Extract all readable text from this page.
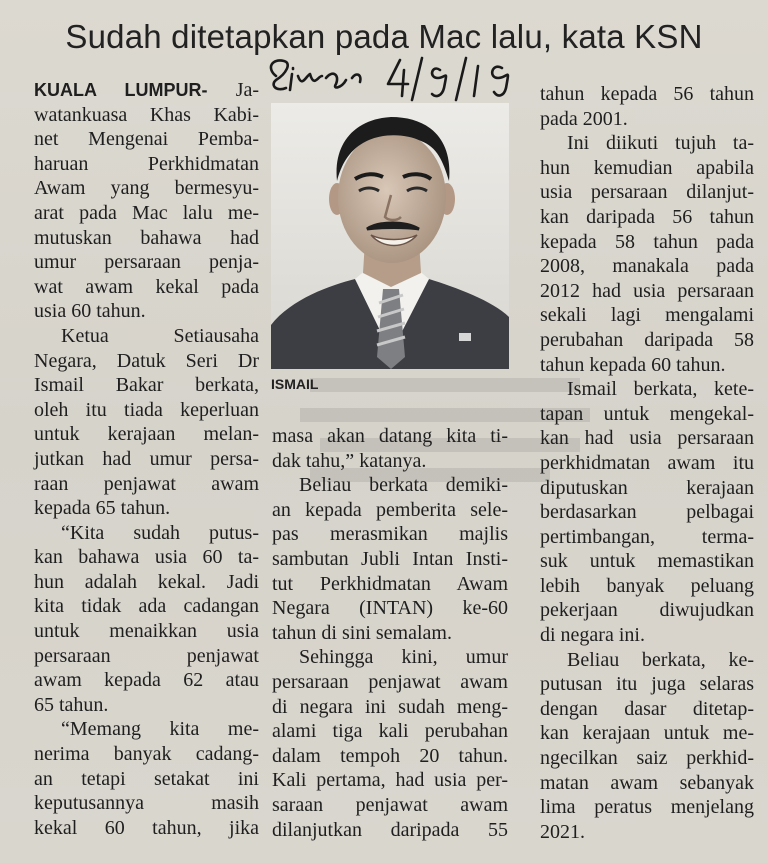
Sudah ditetapkan pada Mac lalu, kata KSN

KUALA LUMPUR- Ja-

watankuasa Khas Kabi-

net Mengenai Pemba-

haruan Perkhidmatan

Awam yang bermesyu-

arat pada Mac lalu me-

mutuskan bahawa had

umur persaraan penja-

wat awam kekal pada

usia 60 tahun.

Ketua Setiausaha

Negara, Datuk Seri Dr

Ismail Bakar berkata,

oleh itu tiada keperluan

untuk kerajaan melan-

jutkan had umur persa-

raan penjawat awam

kepada 65 tahun.

“Kita sudah putus-

kan bahawa usia 60 ta-

hun adalah kekal. Jadi

kita tidak ada cadangan

untuk menaikkan usia

persaraan penjawat

awam kepada 62 atau

65 tahun.

“Memang kita me-

nerima banyak cadang-

an tetapi setakat ini

keputusannya masih

kekal 60 tahun, jika

ISMAIL

masa akan datang kita ti-

dak tahu,” katanya.

Beliau berkata demiki-

an kepada pemberita sele-

pas merasmikan majlis

sambutan Jubli Intan Insti-

tut Perkhidmatan Awam

Negara (INTAN) ke-60

tahun di sini semalam.

Sehingga kini, umur

persaraan penjawat awam

di negara ini sudah meng-

alami tiga kali perubahan

dalam tempoh 20 tahun.

Kali pertama, had usia per-

saraan penjawat awam

dilanjutkan daripada 55

tahun kepada 56 tahun

pada 2001.

Ini diikuti tujuh ta-

hun kemudian apabila

usia persaraan dilanjut-

kan daripada 56 tahun

kepada 58 tahun pada

2008, manakala pada

2012 had usia persaraan

sekali lagi mengalami

perubahan daripada 58

tahun kepada 60 tahun.

Ismail berkata, kete-

tapan untuk mengekal-

kan had usia persaraan

perkhidmatan awam itu

diputuskan kerajaan

berdasarkan pelbagai

pertimbangan, terma-

suk untuk memastikan

lebih banyak peluang

pekerjaan diwujudkan

di negara ini.

Beliau berkata, ke-

putusan itu juga selaras

dengan dasar ditetap-

kan kerajaan untuk me-

ngecilkan saiz perkhid-

matan awam sebanyak

lima peratus menjelang

2021.
